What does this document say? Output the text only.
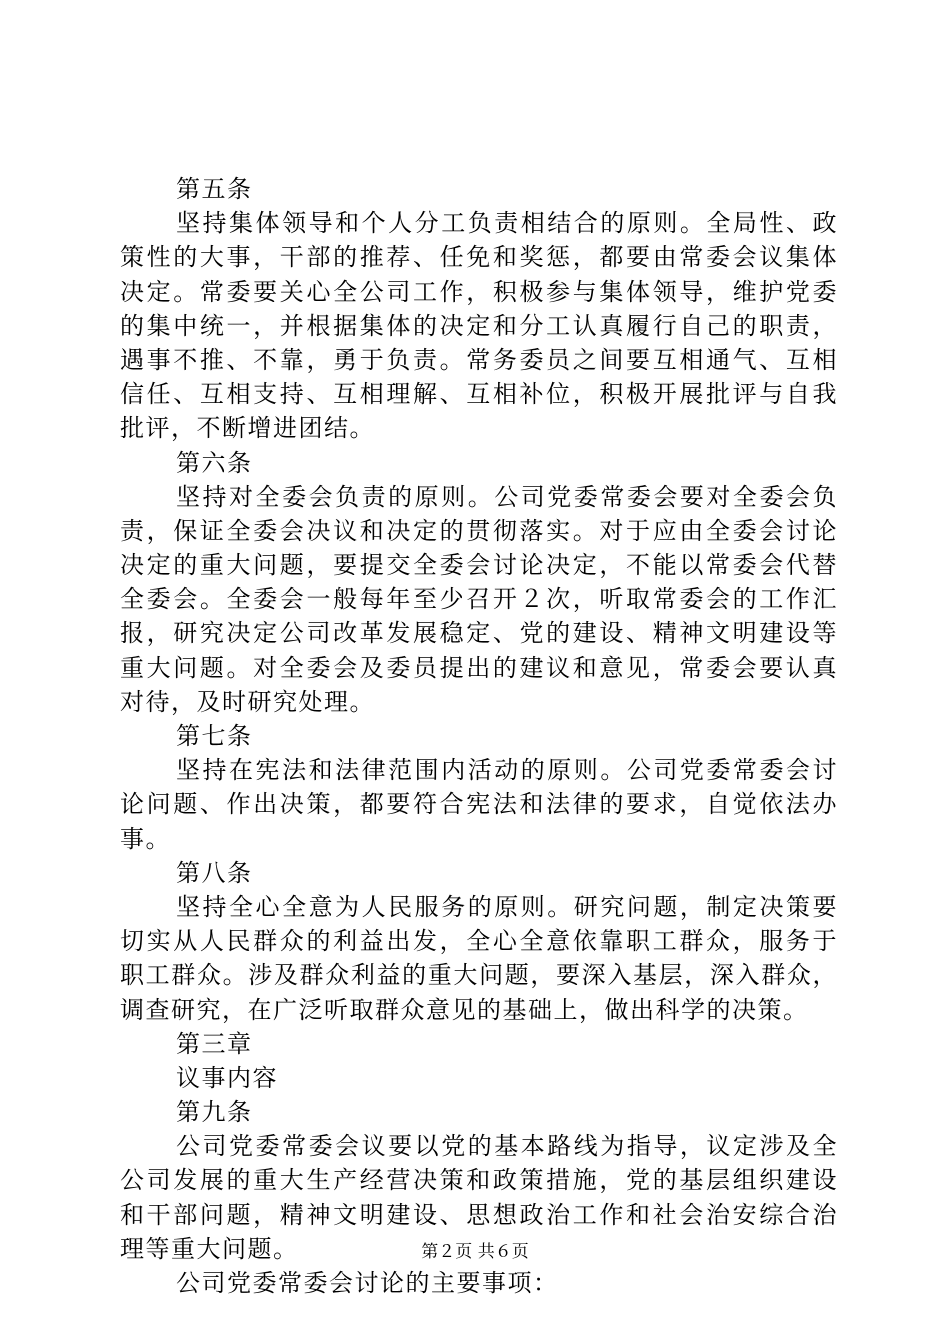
第五条
坚持集体领导和个人分工负责相结合的原则。全局性、政
策性的大事，干部的推荐、任免和奖惩，都要由常委会议集体
决定。常委要关心全公司工作，积极参与集体领导，维护党委
的集中统一，并根据集体的决定和分工认真履行自己的职责，
遇事不推、不靠，勇于负责。常务委员之间要互相通气、互相
信任、互相支持、互相理解、互相补位，积极开展批评与自我
批评，不断增进团结。
第六条
坚持对全委会负责的原则。公司党委常委会要对全委会负
责，保证全委会决议和决定的贯彻落实。对于应由全委会讨论
决定的重大问题，要提交全委会讨论决定，不能以常委会代替
全委会。全委会一般每年至少召开２次，听取常委会的工作汇
报，研究决定公司改革发展稳定、党的建设、精神文明建设等
重大问题。对全委会及委员提出的建议和意见，常委会要认真
对待，及时研究处理。
第七条
坚持在宪法和法律范围内活动的原则。公司党委常委会讨
论问题、作出决策，都要符合宪法和法律的要求，自觉依法办
事。
第八条
坚持全心全意为人民服务的原则。研究问题，制定决策要
切实从人民群众的利益出发，全心全意依靠职工群众，服务于
职工群众。涉及群众利益的重大问题，要深入基层，深入群众，
调查研究，在广泛听取群众意见的基础上，做出科学的决策。
第三章
议事内容
第九条
公司党委常委会议要以党的基本路线为指导，议定涉及全
公司发展的重大生产经营决策和政策措施，党的基层组织建设
和干部问题，精神文明建设、思想政治工作和社会治安综合治
理等重大问题。
公司党委常委会讨论的主要事项：
第２页 共６页
